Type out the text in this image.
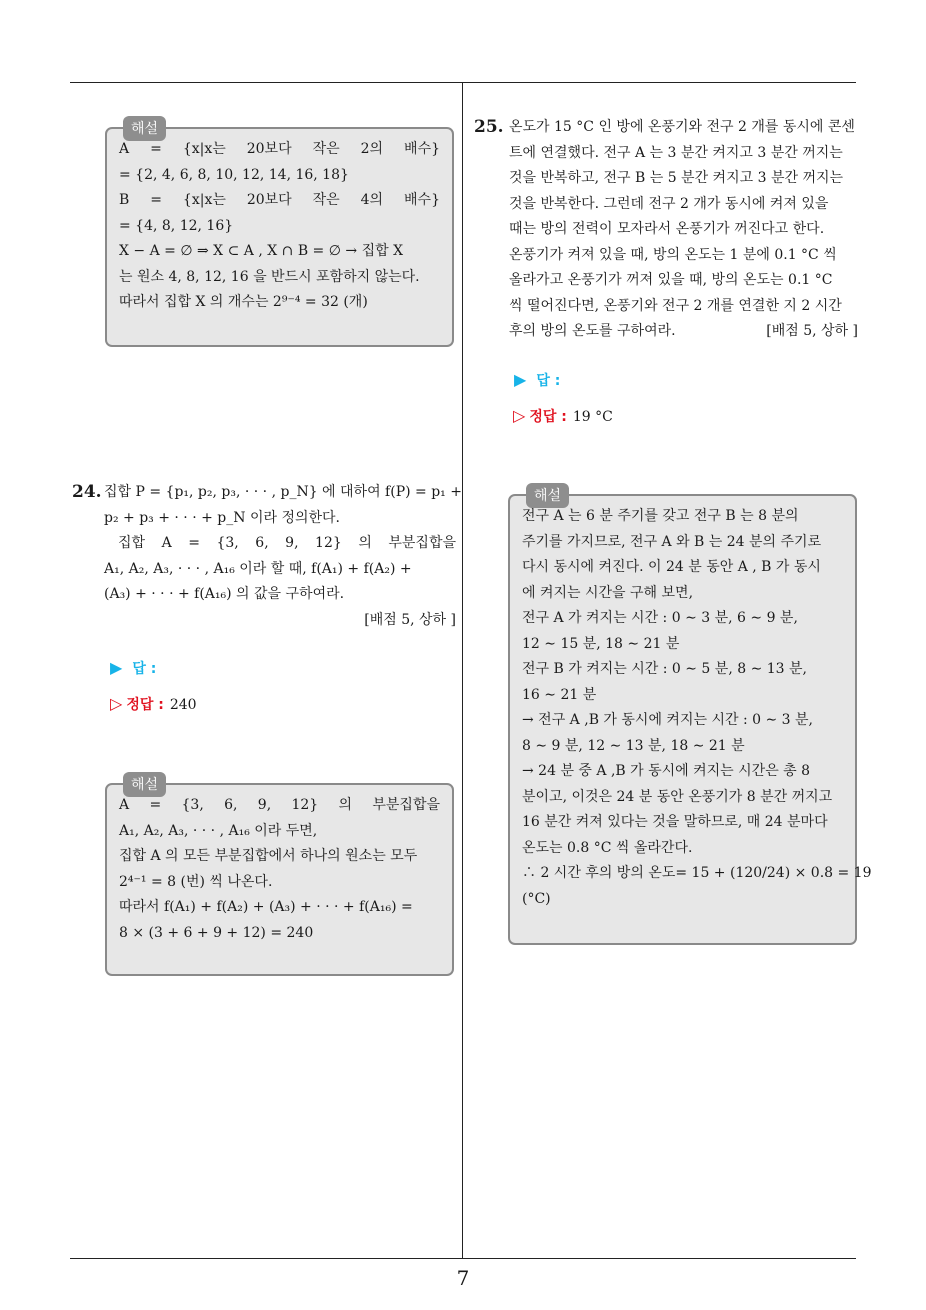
7
해설
A = {x|x는 20보다 작은 2의 배수}
= {2, 4, 6, 8, 10, 12, 14, 16, 18}
B = {x|x는 20보다 작은 4의 배수}
= {4, 8, 12, 16}
X − A = ∅ ⇒ X ⊂ A , X ∩ B = ∅ → 집합 X
는 원소 4, 8, 12, 16 을 반드시 포함하지 않는다.
따라서 집합 X 의 개수는 2⁹⁻⁴ = 32 (개)
24. 집합 P = {p₁, p₂, p₃, · · · , p_N} 에 대하여 f(P) = p₁ +
p₂ + p₃ + · · · + p_N 이라 정의한다.
집합 A = {3, 6, 9, 12} 의 부분집합을
A₁, A₂, A₃, · · · , A₁₆ 이라 할 때, f(A₁) + f(A₂) +
(A₃) + · · · + f(A₁₆) 의 값을 구하여라.
[배점 5, 상하 ]
▶ 답 :
▷ 정답 : 240
해설
A = {3, 6, 9, 12} 의 부분집합을
A₁, A₂, A₃, · · · , A₁₆ 이라 두면,
집합 A 의 모든 부분집합에서 하나의 원소는 모두
2⁴⁻¹ = 8 (번) 씩 나온다.
따라서 f(A₁) + f(A₂) + (A₃) + · · · + f(A₁₆) =
8 × (3 + 6 + 9 + 12) = 240
25. 온도가 15 °C 인 방에 온풍기와 전구 2 개를 동시에 콘센
트에 연결했다. 전구 A 는 3 분간 켜지고 3 분간 꺼지는
것을 반복하고, 전구 B 는 5 분간 켜지고 3 분간 꺼지는
것을 반복한다. 그런데 전구 2 개가 동시에 켜져 있을
때는 방의 전력이 모자라서 온풍기가 꺼진다고 한다.
온풍기가 켜져 있을 때, 방의 온도는 1 분에 0.1 °C 씩
올라가고 온풍기가 꺼져 있을 때, 방의 온도는 0.1 °C
씩 떨어진다면, 온풍기와 전구 2 개를 연결한 지 2 시간
후의 방의 온도를 구하여라.	[배점 5, 상하 ]
▶ 답 :
▷ 정답 : 19 °C
해설
전구 A 는 6 분 주기를 갖고 전구 B 는 8 분의
주기를 가지므로, 전구 A 와 B 는 24 분의 주기로
다시 동시에 켜진다. 이 24 분 동안 A , B 가 동시
에 켜지는 시간을 구해 보면,
전구 A 가 켜지는 시간 : 0 ∼ 3 분, 6 ∼ 9 분,
12 ∼ 15 분, 18 ∼ 21 분
전구 B 가 켜지는 시간 : 0 ∼ 5 분, 8 ∼ 13 분,
16 ∼ 21 분
→ 전구 A ,B 가 동시에 켜지는 시간 : 0 ∼ 3 분,
8 ∼ 9 분, 12 ∼ 13 분, 18 ∼ 21 분
→ 24 분 중 A ,B 가 동시에 켜지는 시간은 총 8
분이고, 이것은 24 분 동안 온풍기가 8 분간 꺼지고
16 분간 켜져 있다는 것을 말하므로, 매 24 분마다
온도는 0.8 °C 씩 올라간다.
∴ 2 시간 후의 방의 온도= 15 + (120/24) × 0.8 = 19
(°C)
